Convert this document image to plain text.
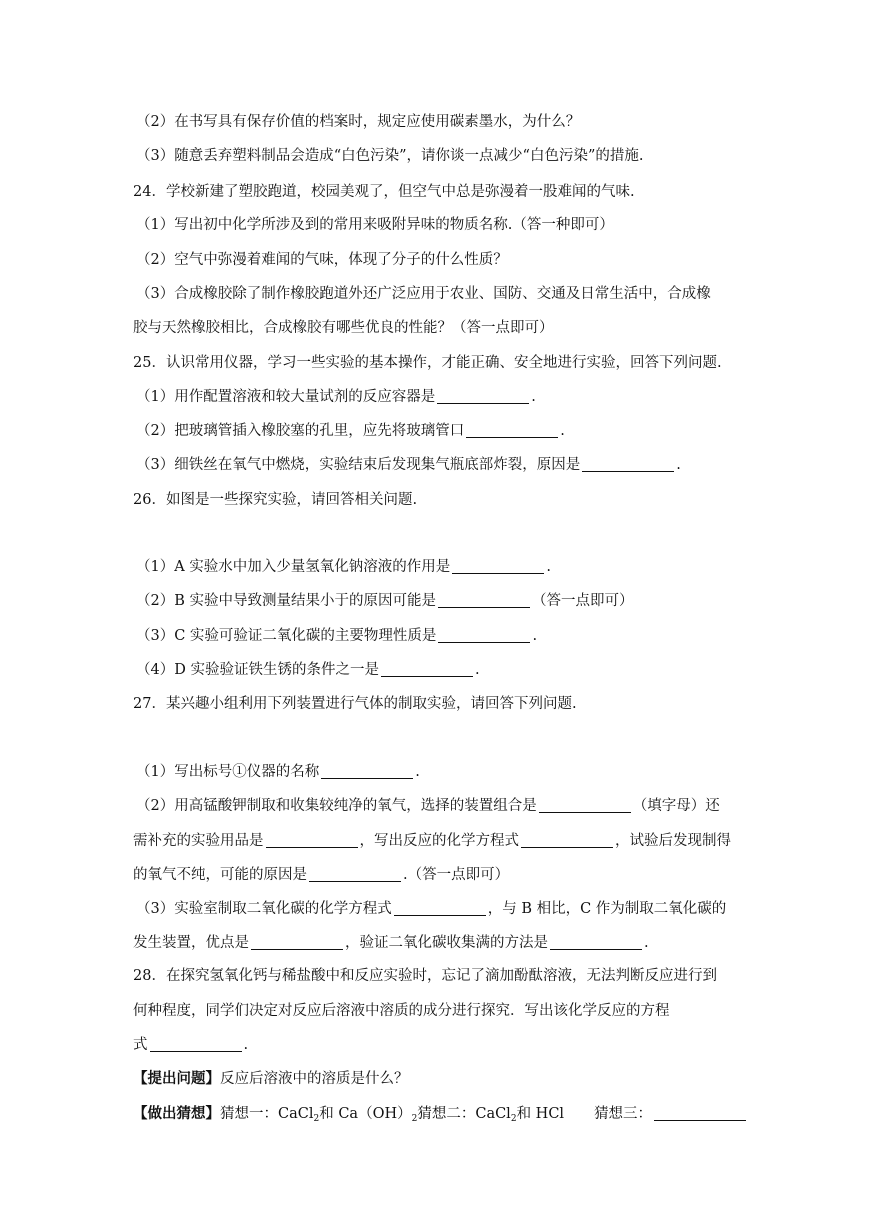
（2）在书写具有保存价值的档案时，规定应使用碳素墨水，为什么？
（3）随意丢弃塑料制品会造成“白色污染”，请你谈一点减少“白色污染”的措施.
24．学校新建了塑胶跑道，校园美观了，但空气中总是弥漫着一股难闻的气味.
（1）写出初中化学所涉及到的常用来吸附异味的物质名称.（答一种即可）
（2）空气中弥漫着难闻的气味，体现了分子的什么性质？
（3）合成橡胶除了制作橡胶跑道外还广泛应用于农业、国防、交通及日常生活中，合成橡
胶与天然橡胶相比，合成橡胶有哪些优良的性能？（答一点即可）
25．认识常用仪器，学习一些实验的基本操作，才能正确、安全地进行实验，回答下列问题.
（1）用作配置溶液和较大量试剂的反应容器是	.
（2）把玻璃管插入橡胶塞的孔里，应先将玻璃管口	.
（3）细铁丝在氧气中燃烧，实验结束后发现集气瓶底部炸裂，原因是	.
26．如图是一些探究实验，请回答相关问题.
（1）A 实验水中加入少量氢氧化钠溶液的作用是	.
（2）B 实验中导致测量结果小于的原因可能是	（答一点即可）
（3）C 实验可验证二氧化碳的主要物理性质是	.
（4）D 实验验证铁生锈的条件之一是	.
27．某兴趣小组利用下列装置进行气体的制取实验，请回答下列问题.
（1）写出标号①仪器的名称	.
（2）用高锰酸钾制取和收集较纯净的氧气，选择的装置组合是	（填字母）还
需补充的实验用品是	，写出反应的化学方程式	，试验后发现制得
的氧气不纯，可能的原因是	.（答一点即可）
（3）实验室制取二氧化碳的化学方程式	，与 B 相比，C 作为制取二氧化碳的
发生装置，优点是	，验证二氧化碳收集满的方法是	.
28．在探究氢氧化钙与稀盐酸中和反应实验时，忘记了滴加酚酞溶液，无法判断反应进行到
何种程度，同学们决定对反应后溶液中溶质的成分进行探究．写出该化学反应的方程
式	.
【提出问题】反应后溶液中的溶质是什么？
【做出猜想】猜想一：CaCl$_2$和 $Ca(OH)_2$猜想二：CaCl$_2$和 HCl 猜想三：
